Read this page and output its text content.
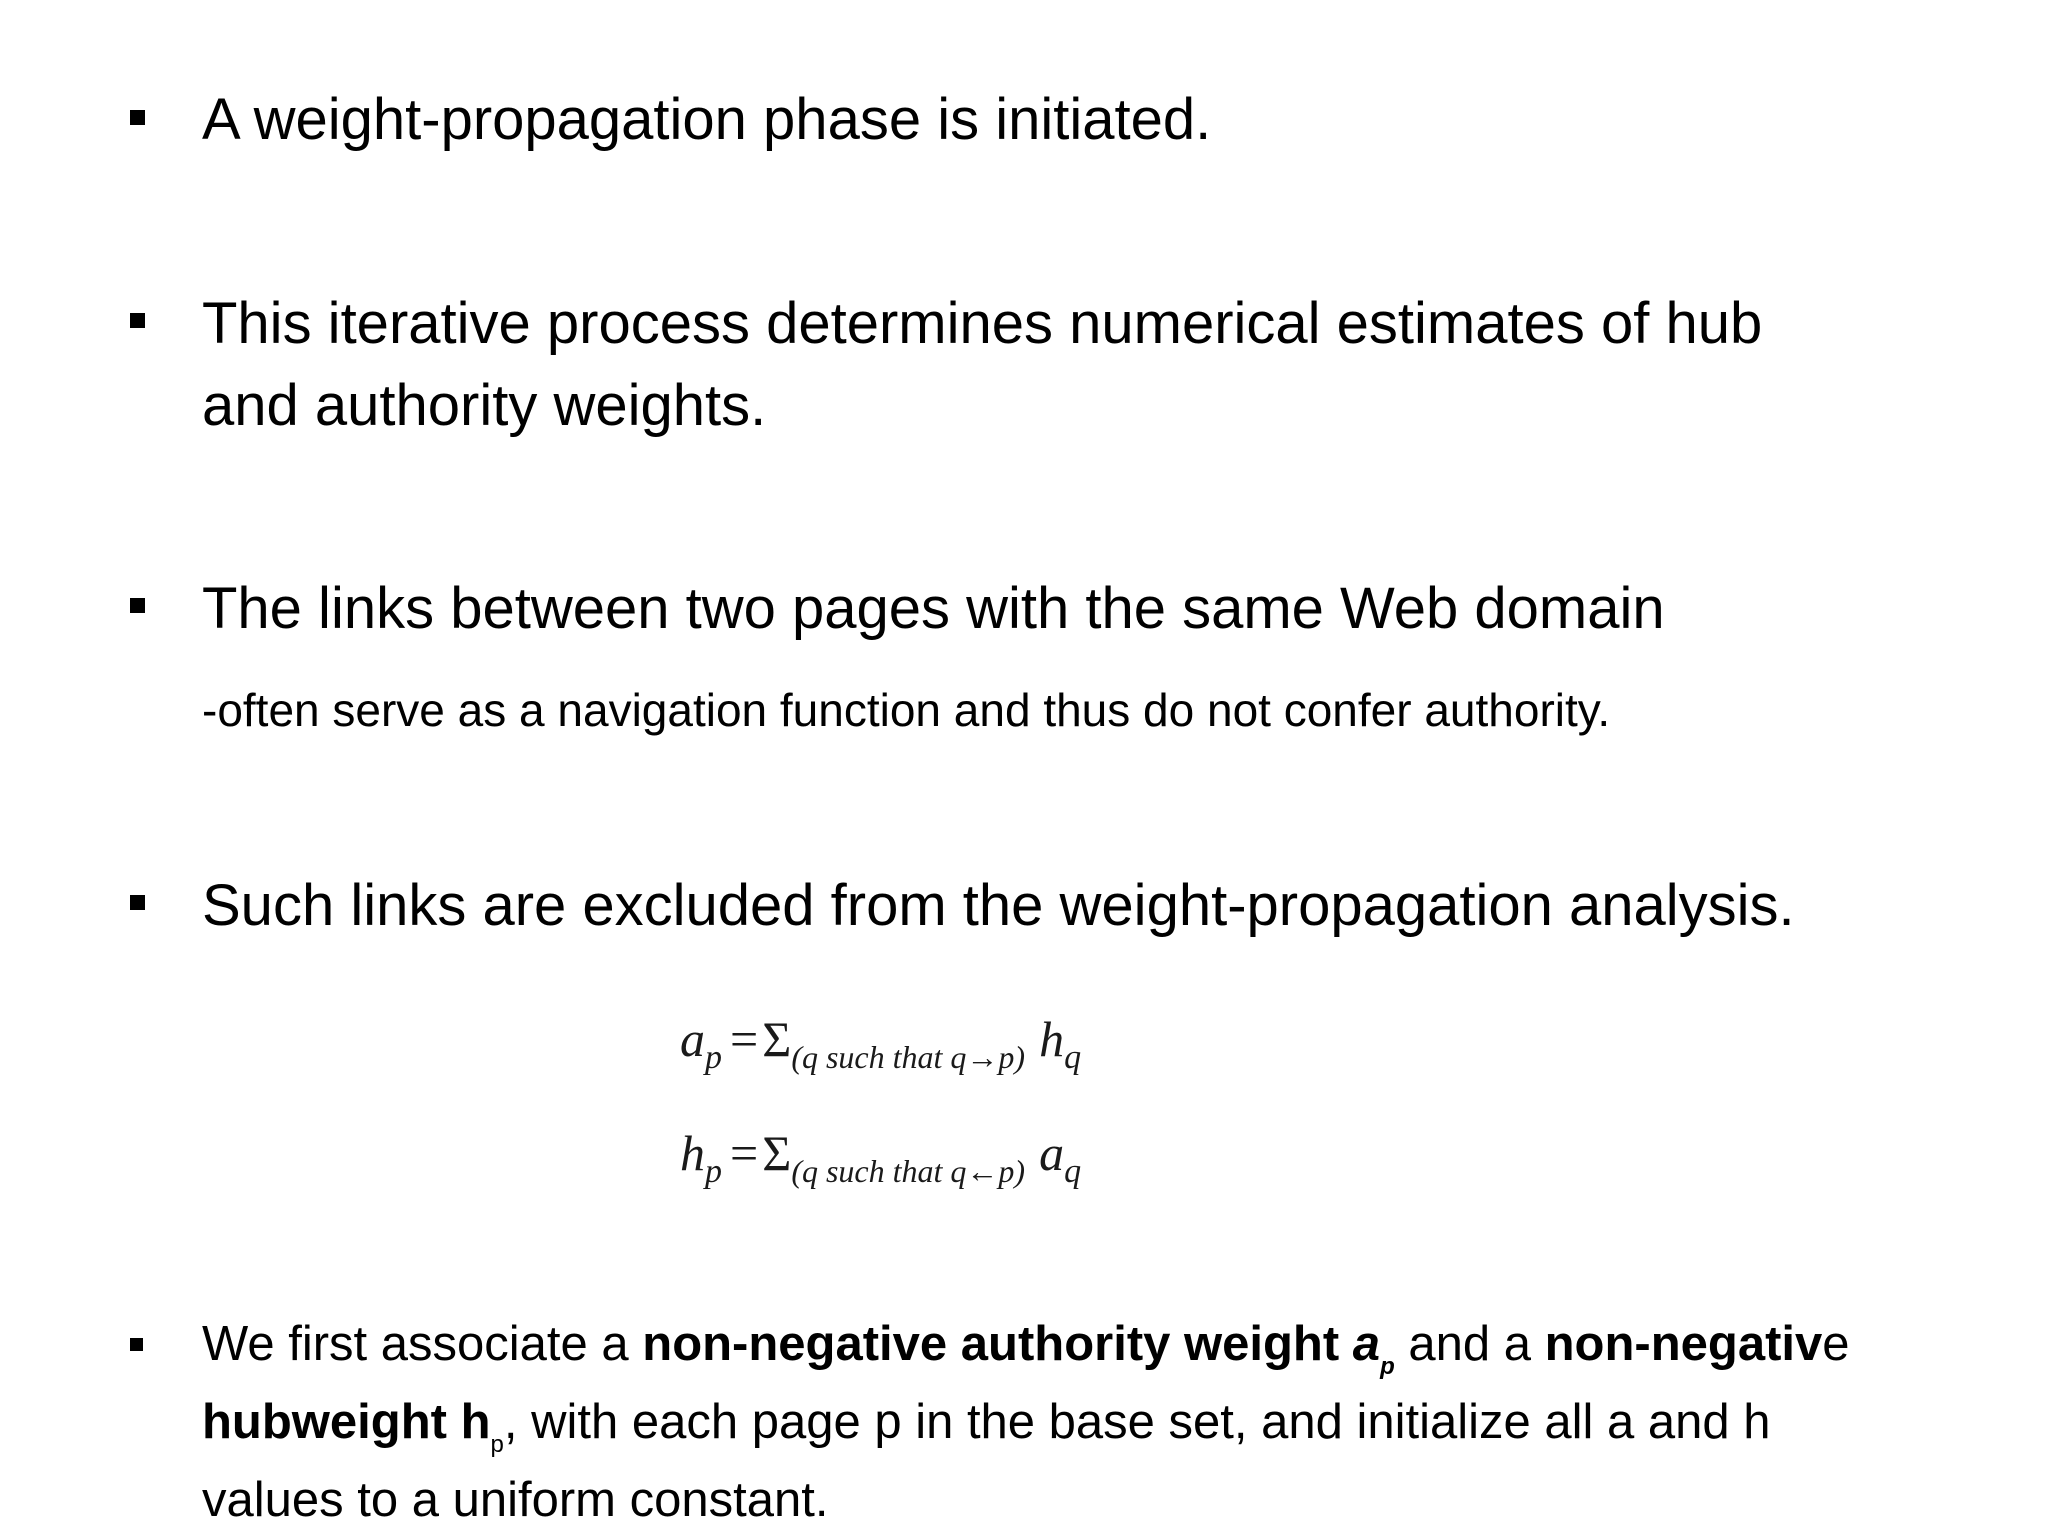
A weight-propagation phase is initiated.
This iterative process determines numerical estimates of hub
and authority weights.
The links between two pages with the same Web domain
-often serve as a navigation function and thus do not confer authority.
Such links are excluded from the weight-propagation analysis.
ap =Σ(q such that q→p) hq
hp =Σ(q such that q←p) aq
We first associate a non-negative authority weight $a_p$ and a non-negative
hubweight $h_p$, with each page p in the base set, and initialize all a and h
values to a uniform constant.
